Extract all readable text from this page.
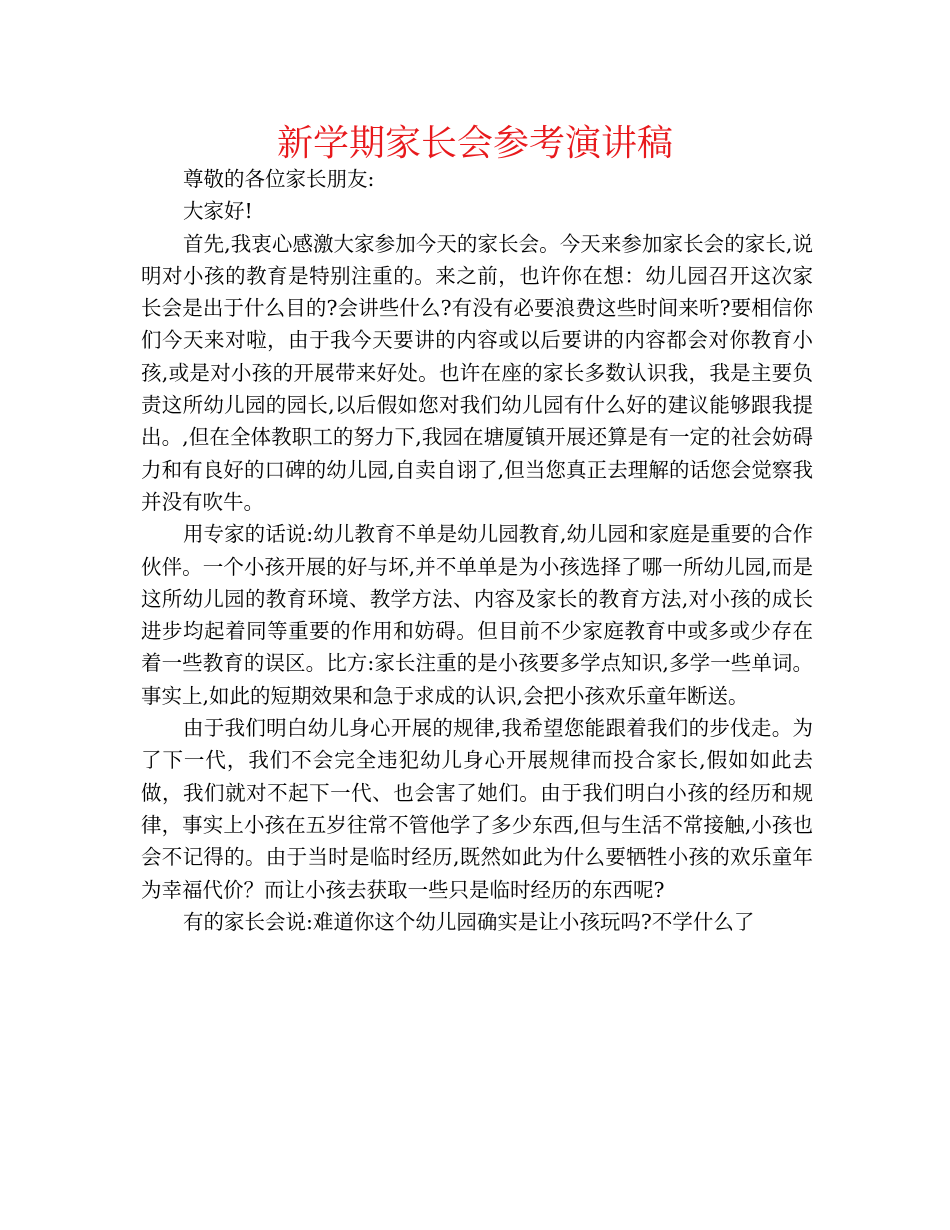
新学期家长会参考演讲稿

尊敬的各位家长朋友:

大家好!

首先,我衷心感激大家参加今天的家长会。今天来参加家长会的家长,说明对小孩的教育是特别注重的。来之前，也许你在想：幼儿园召开这次家长会是出于什么目的?会讲些什么?有没有必要浪费这些时间来听?要相信你们今天来对啦，由于我今天要讲的内容或以后要讲的内容都会对你教育小孩,或是对小孩的开展带来好处。也许在座的家长多数认识我，我是主要负责这所幼儿园的园长,以后假如您对我们幼儿园有什么好的建议能够跟我提出。,但在全体教职工的努力下,我园在塘厦镇开展还算是有一定的社会妨碍力和有良好的口碑的幼儿园,自卖自诩了,但当您真正去理解的话您会觉察我并没有吹牛。

用专家的话说:幼儿教育不单是幼儿园教育,幼儿园和家庭是重要的合作伙伴。一个小孩开展的好与坏,并不单单是为小孩选择了哪一所幼儿园,而是这所幼儿园的教育环境、教学方法、内容及家长的教育方法,对小孩的成长进步均起着同等重要的作用和妨碍。但目前不少家庭教育中或多或少存在着一些教育的误区。比方:家长注重的是小孩要多学点知识,多学一些单词。事实上,如此的短期效果和急于求成的认识,会把小孩欢乐童年断送。

由于我们明白幼儿身心开展的规律,我希望您能跟着我们的步伐走。为了下一代，我们不会完全违犯幼儿身心开展规律而投合家长,假如如此去做，我们就对不起下一代、也会害了她们。由于我们明白小孩的经历和规律，事实上小孩在五岁往常不管他学了多少东西,但与生活不常接触,小孩也会不记得的。由于当时是临时经历,既然如此为什么要牺牲小孩的欢乐童年为幸福代价？而让小孩去获取一些只是临时经历的东西呢?

有的家长会说:难道你这个幼儿园确实是让小孩玩吗?不学什么了
